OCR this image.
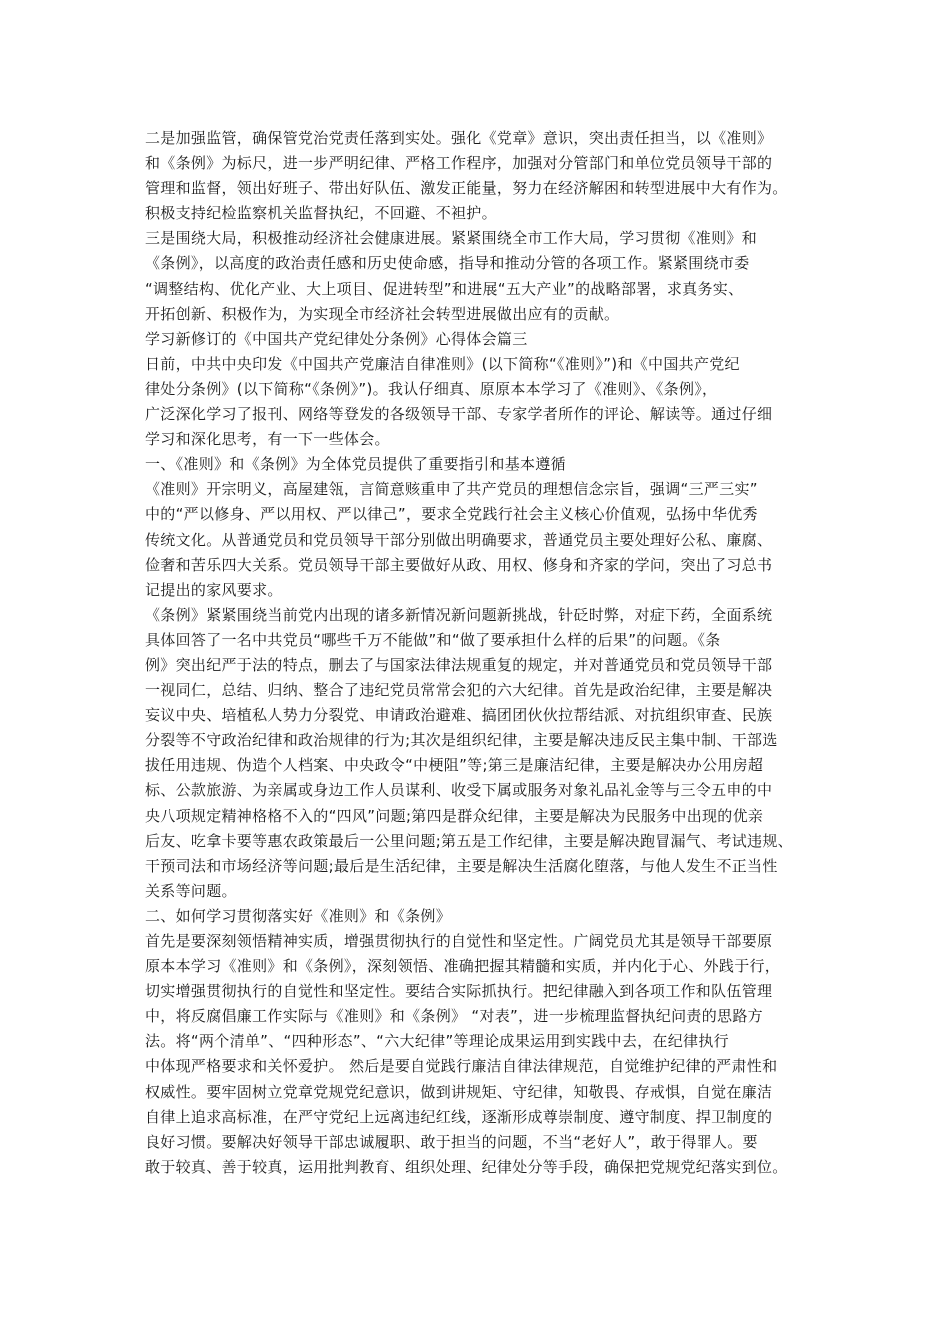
二是加强监管，确保管党治党责任落到实处。强化《党章》意识，突出责任担当，以《准则》
和《条例》为标尺，进一步严明纪律、严格工作程序，加强对分管部门和单位党员领导干部的
管理和监督，领出好班子、带出好队伍、激发正能量，努力在经济解困和转型进展中大有作为。
积极支持纪检监察机关监督执纪，不回避、不袒护。
三是围绕大局，积极推动经济社会健康进展。紧紧围绕全市工作大局，学习贯彻《准则》和
《条例》，以高度的政治责任感和历史使命感，指导和推动分管的各项工作。紧紧围绕市委
“调整结构、优化产业、大上项目、促进转型”和进展“五大产业”的战略部署，求真务实、
开拓创新、积极作为，为实现全市经济社会转型进展做出应有的贡献。
学习新修订的《中国共产党纪律处分条例》心得体会篇三
日前，中共中央印发《中国共产党廉洁自律准则》(以下简称“《准则》”)和《中国共产党纪
律处分条例》(以下简称“《条例》”)。我认仔细真、原原本本学习了《准则》、《条例》，
广泛深化学习了报刊、网络等登发的各级领导干部、专家学者所作的评论、解读等。通过仔细
学习和深化思考，有一下一些体会。
一、《准则》和《条例》为全体党员提供了重要指引和基本遵循
《准则》开宗明义，高屋建瓴，言简意赅重申了共产党员的理想信念宗旨，强调“三严三实”
中的“严以修身、严以用权、严以律己”，要求全党践行社会主义核心价值观，弘扬中华优秀
传统文化。从普通党员和党员领导干部分别做出明确要求，普通党员主要处理好公私、廉腐、
俭奢和苦乐四大关系。党员领导干部主要做好从政、用权、修身和齐家的学问，突出了习总书
记提出的家风要求。
《条例》紧紧围绕当前党内出现的诸多新情况新问题新挑战，针砭时弊，对症下药，全面系统
具体回答了一名中共党员“哪些千万不能做”和“做了要承担什么样的后果”的问题。《条
例》突出纪严于法的特点，删去了与国家法律法规重复的规定，并对普通党员和党员领导干部
一视同仁，总结、归纳、整合了违纪党员常常会犯的六大纪律。首先是政治纪律，主要是解决
妄议中央、培植私人势力分裂党、申请政治避难、搞团团伙伙拉帮结派、对抗组织审查、民族
分裂等不守政治纪律和政治规律的行为;其次是组织纪律，主要是解决违反民主集中制、干部选
拔任用违规、伪造个人档案、中央政令“中梗阻”等;第三是廉洁纪律，主要是解决办公用房超
标、公款旅游、为亲属或身边工作人员谋利、收受下属或服务对象礼品礼金等与三令五申的中
央八项规定精神格格不入的“四风”问题;第四是群众纪律，主要是解决为民服务中出现的优亲
后友、吃拿卡要等惠农政策最后一公里问题;第五是工作纪律，主要是解决跑冒漏气、考试违规、
干预司法和市场经济等问题;最后是生活纪律，主要是解决生活腐化堕落，与他人发生不正当性
关系等问题。
二、如何学习贯彻落实好《准则》和《条例》
首先是要深刻领悟精神实质，增强贯彻执行的自觉性和坚定性。广阔党员尤其是领导干部要原
原本本学习《准则》和《条例》，深刻领悟、准确把握其精髓和实质，并内化于心、外践于行，
切实增强贯彻执行的自觉性和坚定性。要结合实际抓执行。把纪律融入到各项工作和队伍管理
中，将反腐倡廉工作实际与《准则》和《条例》 “对表”，进一步梳理监督执纪问责的思路方
法。将“两个清单”、“四种形态”、“六大纪律”等理论成果运用到实践中去，在纪律执行
中体现严格要求和关怀爱护。 然后是要自觉践行廉洁自律法律规范，自觉维护纪律的严肃性和
权威性。要牢固树立党章党规党纪意识，做到讲规矩、守纪律，知敬畏、存戒惧，自觉在廉洁
自律上追求高标准，在严守党纪上远离违纪红线，逐渐形成尊崇制度、遵守制度、捍卫制度的
良好习惯。要解决好领导干部忠诚履职、敢于担当的问题，不当“老好人”，敢于得罪人。要
敢于较真、善于较真，运用批判教育、组织处理、纪律处分等手段，确保把党规党纪落实到位。
